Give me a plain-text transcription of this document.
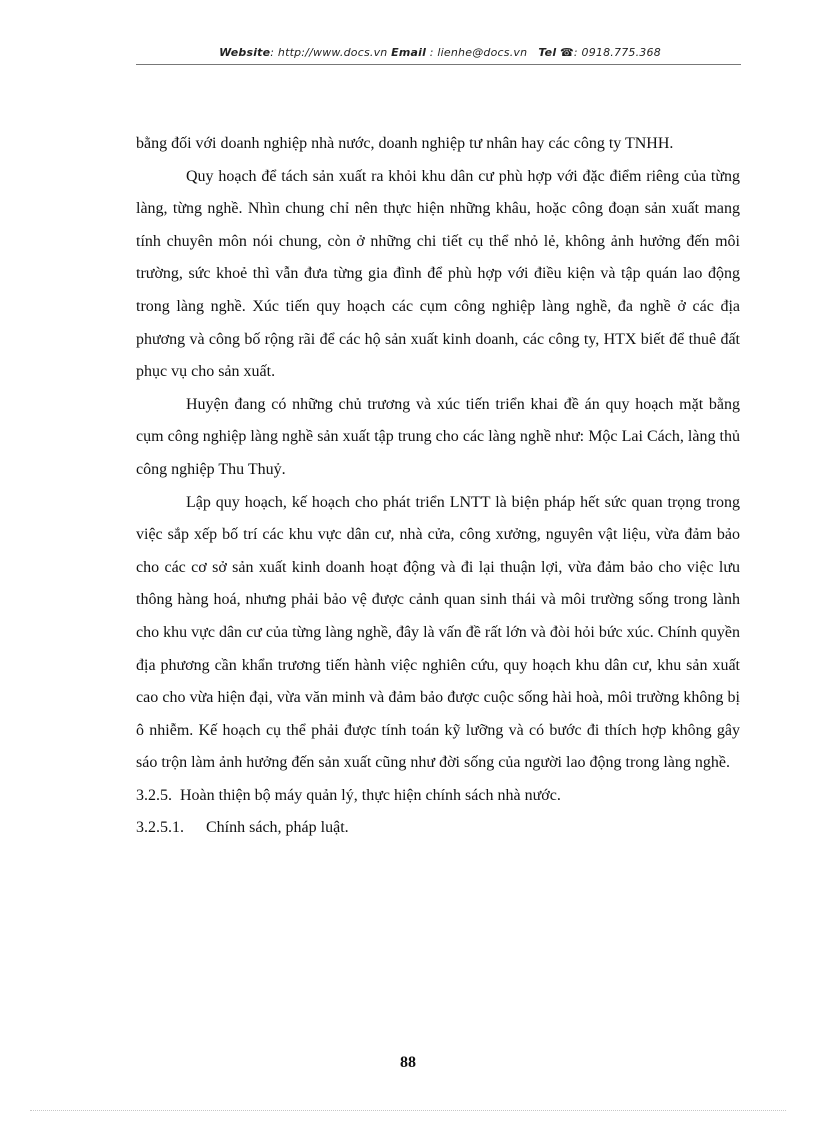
Website: http://www.docs.vn Email : lienhe@docs.vn Tel ☎: 0918.775.368

bằng đối với doanh nghiệp nhà nước, doanh nghiệp tư nhân hay các công ty TNHH.

Quy hoạch để tách sản xuất ra khỏi khu dân cư phù hợp với đặc điểm riêng của từng làng, từng nghề. Nhìn chung chỉ nên thực hiện những khâu, hoặc công đoạn sản xuất mang tính chuyên môn nói chung, còn ở những chi tiết cụ thể nhỏ lẻ, không ảnh hưởng đến môi trường, sức khoẻ thì vẫn đưa từng gia đình để phù hợp với điều kiện và tập quán lao động trong làng nghề. Xúc tiến quy hoạch các cụm công nghiệp làng nghề, đa nghề ở các địa phương và công bố rộng rãi để các hộ sản xuất kinh doanh, các công ty, HTX biết để thuê đất phục vụ cho sản xuất.

Huyện đang có những chủ trương và xúc tiến triển khai đề án quy hoạch mặt bằng cụm công nghiệp làng nghề sản xuất tập trung cho các làng nghề như: Mộc Lai Cách, làng thủ công nghiệp Thu Thuỷ.

Lập quy hoạch, kế hoạch cho phát triển LNTT là biện pháp hết sức quan trọng trong việc sắp xếp bố trí các khu vực dân cư, nhà cửa, công xưởng, nguyên vật liệu, vừa đảm bảo cho các cơ sở sản xuất kinh doanh hoạt động và đi lại thuận lợi, vừa đảm bảo cho việc lưu thông hàng hoá, nhưng phải bảo vệ được cảnh quan sinh thái và môi trường sống trong lành cho khu vực dân cư của từng làng nghề, đây là vấn đề rất lớn và đòi hỏi bức xúc. Chính quyền địa phương cần khẩn trương tiến hành việc nghiên cứu, quy hoạch khu dân cư, khu sản xuất cao cho vừa hiện đại, vừa văn minh và đảm bảo được cuộc sống hài hoà, môi trường không bị ô nhiễm. Kế hoạch cụ thể phải được tính toán kỹ lưỡng và có bước đi thích hợp không gây sáo trộn làm ảnh hưởng đến sản xuất cũng như đời sống của người lao động trong làng nghề.

3.2.5. Hoàn thiện bộ máy quản lý, thực hiện chính sách nhà nước.

3.2.5.1. Chính sách, pháp luật.

88
